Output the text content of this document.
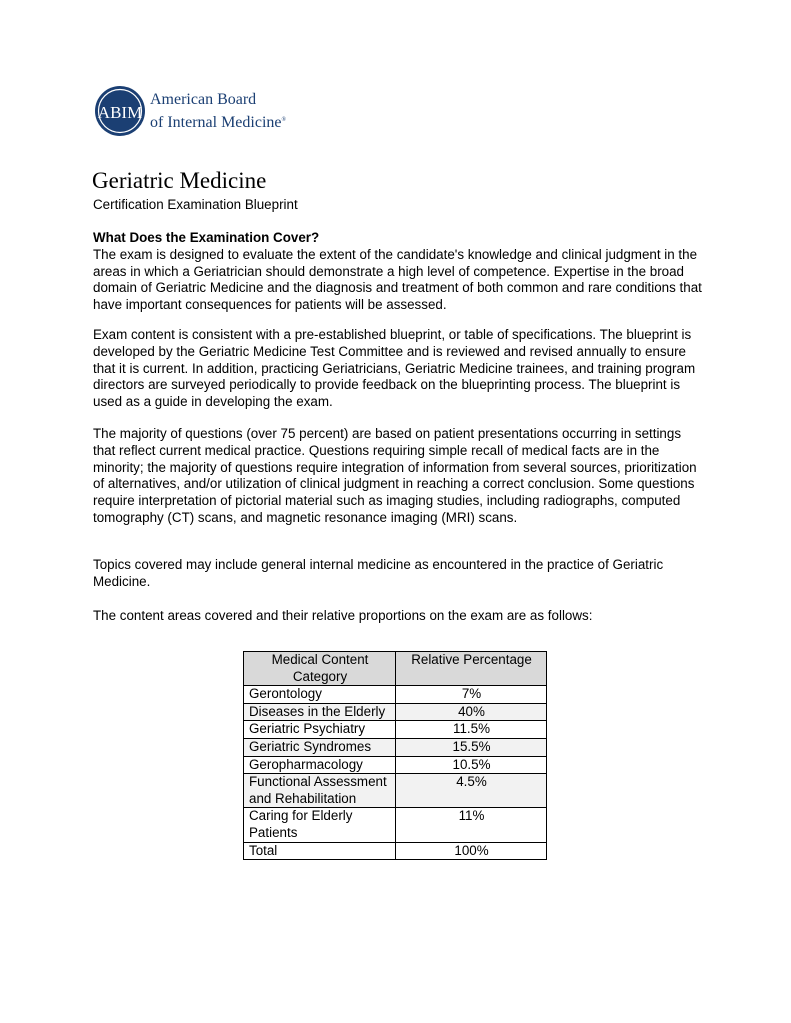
ABIM
American Board
of Internal Medicine®
Geriatric Medicine
Certification Examination Blueprint

What Does the Examination Cover?
The exam is designed to evaluate the extent of the candidate's knowledge and clinical judgment in the areas in which a Geriatrician should demonstrate a high level of competence. Expertise in the broad domain of Geriatric Medicine and the diagnosis and treatment of both common and rare conditions that have important consequences for patients will be assessed.

Exam content is consistent with a pre-established blueprint, or table of specifications. The blueprint is developed by the Geriatric Medicine Test Committee and is reviewed and revised annually to ensure that it is current. In addition, practicing Geriatricians, Geriatric Medicine trainees, and training program directors are surveyed periodically to provide feedback on the blueprinting process. The blueprint is used as a guide in developing the exam.

The majority of questions (over 75 percent) are based on patient presentations occurring in settings that reflect current medical practice. Questions requiring simple recall of medical facts are in the minority; the majority of questions require integration of information from several sources, prioritization of alternatives, and/or utilization of clinical judgment in reaching a correct conclusion. Some questions require interpretation of pictorial material such as imaging studies, including radiographs, computed tomography (CT) scans, and magnetic resonance imaging (MRI) scans.

Topics covered may include general internal medicine as encountered in the practice of Geriatric Medicine.

The content areas covered and their relative proportions on the exam are as follows:

Medical Content Category	Relative Percentage
Gerontology	7%
Diseases in the Elderly	40%
Geriatric Psychiatry	11.5%
Geriatric Syndromes	15.5%
Geropharmacology	10.5%
Functional Assessment and Rehabilitation	4.5%
Caring for Elderly Patients	11%
Total	100%
